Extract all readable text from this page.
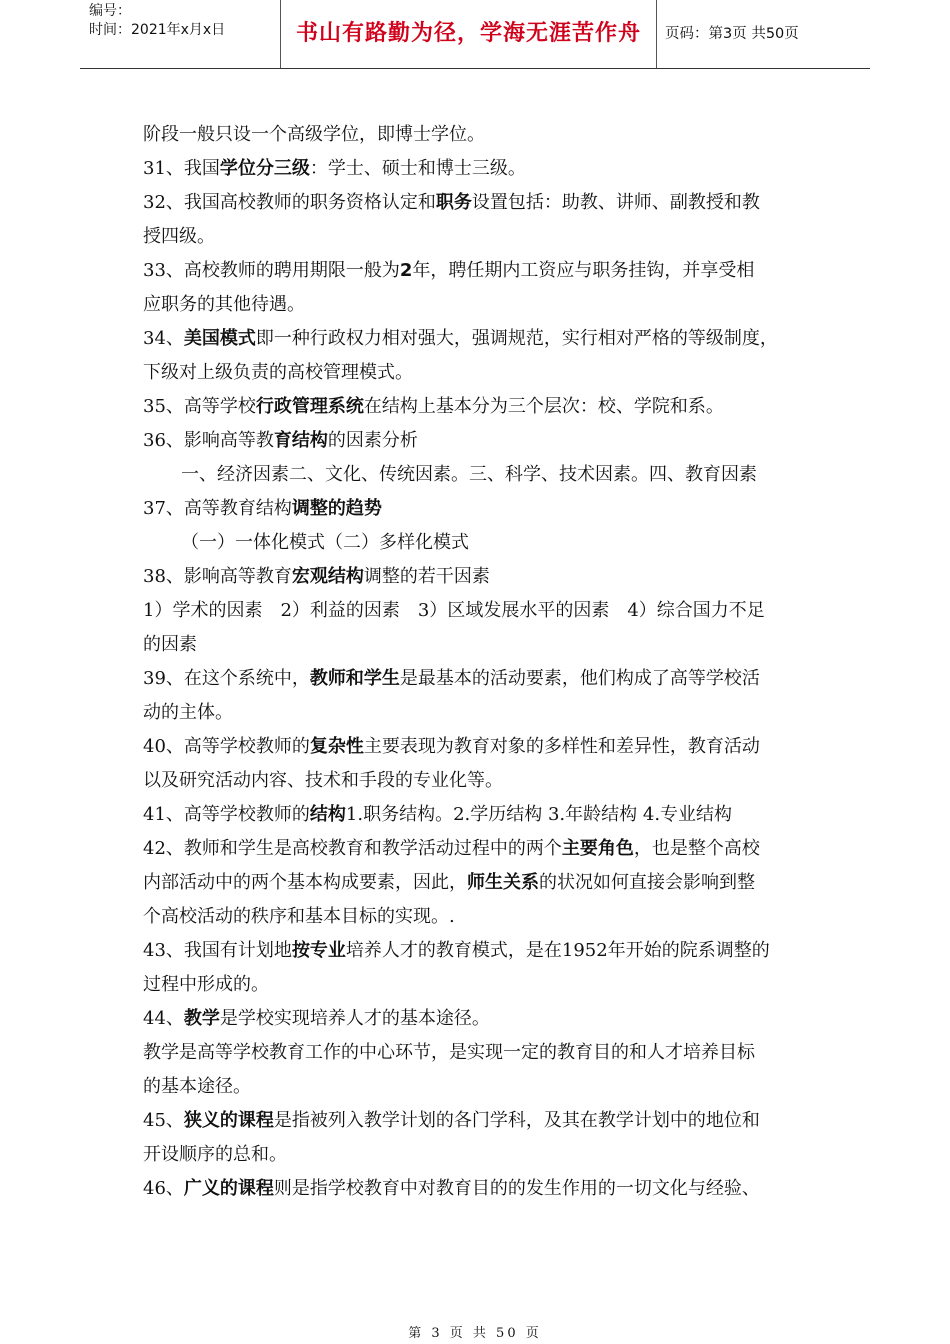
编号：
时间：2021年x月x日	书山有路勤为径，学海无涯苦作舟	页码：第3页 共50页

阶段一般只设一个高级学位，即博士学位。

31、我国学位分三级：学士、硕士和博士三级。

32、我国高校教师的职务资格认定和职务设置包括：助教、讲师、副教授和教

授四级。

33、高校教师的聘用期限一般为2年，聘任期内工资应与职务挂钩，并享受相

应职务的其他待遇。

34、美国模式即一种行政权力相对强大，强调规范，实行相对严格的等级制度，

下级对上级负责的高校管理模式。

35、高等学校行政管理系统在结构上基本分为三个层次：校、学院和系。

36、影响高等教育结构的因素分析

一、经济因素二、文化、传统因素。三、科学、技术因素。四、教育因素

37、高等教育结构调整的趋势

（一）一体化模式（二）多样化模式

38、影响高等教育宏观结构调整的若干因素

1）学术的因素　2）利益的因素　3）区域发展水平的因素　4）综合国力不足

的因素

39、在这个系统中，教师和学生是最基本的活动要素，他们构成了高等学校活

动的主体。

40、高等学校教师的复杂性主要表现为教育对象的多样性和差异性，教育活动

以及研究活动内容、技术和手段的专业化等。

41、高等学校教师的结构1.职务结构。2.学历结构 3.年龄结构 4.专业结构

42、教师和学生是高校教育和教学活动过程中的两个主要角色，也是整个高校

内部活动中的两个基本构成要素，因此，师生关系的状况如何直接会影响到整

个高校活动的秩序和基本目标的实现。.

43、我国有计划地按专业培养人才的教育模式，是在1952年开始的院系调整的

过程中形成的。

44、教学是学校实现培养人才的基本途径。

教学是高等学校教育工作的中心环节，是实现一定的教育目的和人才培养目标

的基本途径。

45、狭义的课程是指被列入教学计划的各门学科，及其在教学计划中的地位和

开设顺序的总和。

46、广义的课程则是指学校教育中对教育目的的发生作用的一切文化与经验、

第 3 页 共 50 页
